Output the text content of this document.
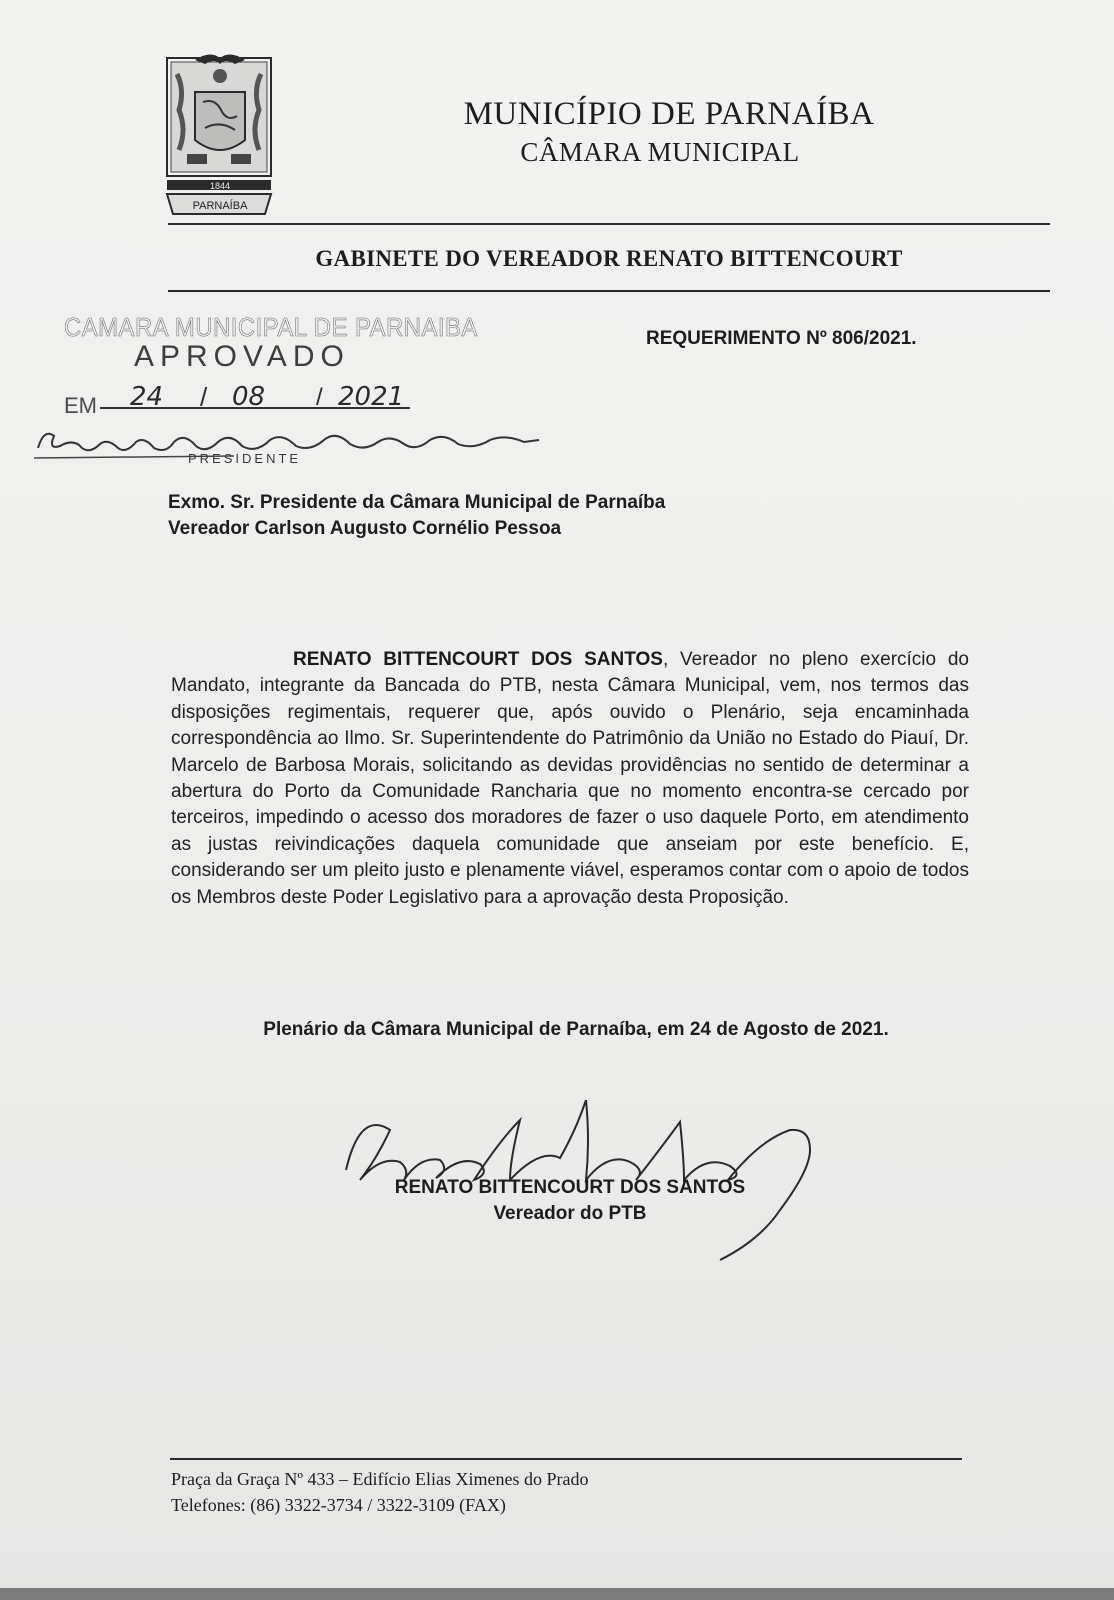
1844
PARNAÍBA
MUNICÍPIO DE PARNAÍBA
CÂMARA MUNICIPAL
GABINETE DO VEREADOR RENATO BITTENCOURT
CAMARA MUNICIPAL DE PARNAIBA
APROVADO
EM 24 / 08 / 2021
PRESIDENTE
REQUERIMENTO Nº 806/2021.
Exmo. Sr. Presidente da Câmara Municipal de Parnaíba
Vereador Carlson Augusto Cornélio Pessoa
RENATO BITTENCOURT DOS SANTOS, Vereador no pleno exercício do Mandato, integrante da Bancada do PTB, nesta Câmara Municipal, vem, nos termos das disposições regimentais, requerer que, após ouvido o Plenário, seja encaminhada correspondência ao Ilmo. Sr. Superintendente do Patrimônio da União no Estado do Piauí, Dr. Marcelo de Barbosa Morais, solicitando as devidas providências no sentido de determinar a abertura do Porto da Comunidade Rancharia que no momento encontra-se cercado por terceiros, impedindo o acesso dos moradores de fazer o uso daquele Porto, em atendimento as justas reivindicações daquela comunidade que anseiam por este benefício. E, considerando ser um pleito justo e plenamente viável, esperamos contar com o apoio de todos os Membros deste Poder Legislativo para a aprovação desta Proposição.
Plenário da Câmara Municipal de Parnaíba, em 24 de Agosto de 2021.
RENATO BITTENCOURT DOS SANTOS
Vereador do PTB
Praça da Graça Nº 433 – Edifício Elias Ximenes do Prado
Telefones: (86) 3322-3734 / 3322-3109 (FAX)
